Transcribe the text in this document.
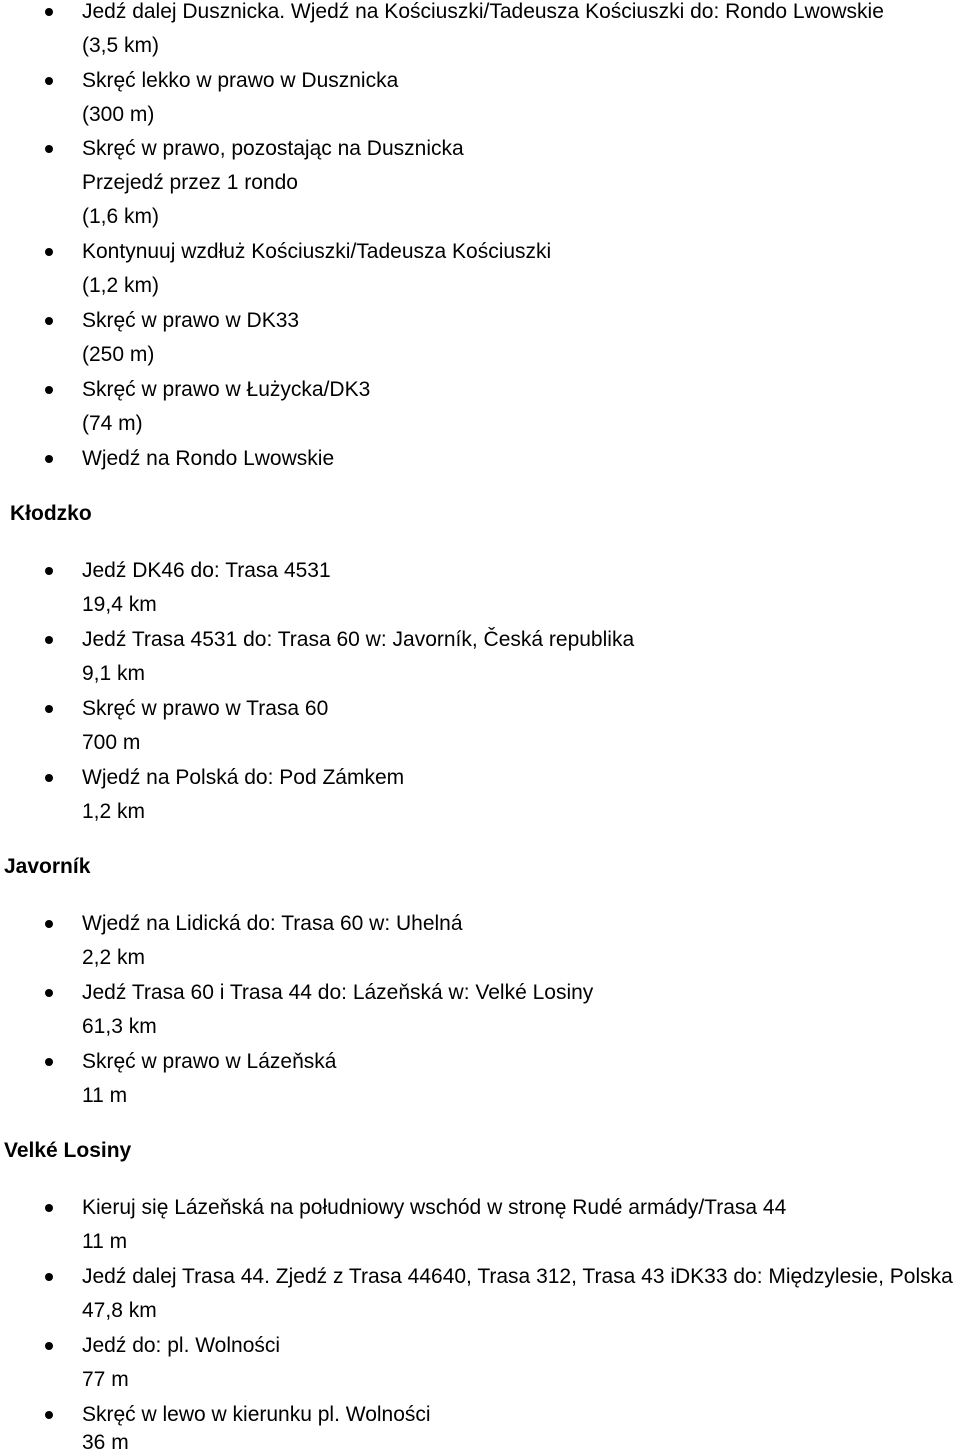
Jedź dalej Dusznicka. Wjedź na Kościuszki/Tadeusza Kościuszki do: Rondo Lwowskie
(3,5 km)
Skręć lekko w prawo w Dusznicka
(300 m)
Skręć w prawo, pozostając na Dusznicka
Przejedź przez 1 rondo
(1,6 km)
Kontynuuj wzdłuż Kościuszki/Tadeusza Kościuszki
(1,2 km)
Skręć w prawo w DK33
(250 m)
Skręć w prawo w Łużycka/DK3
(74 m)
Wjedź na Rondo Lwowskie
Kłodzko
Jedź DK46 do: Trasa 4531
19,4 km
Jedź Trasa 4531 do: Trasa 60 w: Javorník, Česká republika
9,1 km
Skręć w prawo w Trasa 60
700 m
Wjedź na Polská do: Pod Zámkem
1,2 km
Javorník
Wjedź na Lidická do: Trasa 60 w: Uhelná
2,2 km
Jedź Trasa 60 i Trasa 44 do: Lázeňská w: Velké Losiny
61,3 km
Skręć w prawo w Lázeňská
11 m
Velké Losiny
Kieruj się Lázeňská na południowy wschód w stronę Rudé armády/Trasa 44
11 m
Jedź dalej Trasa 44. Zjedź z Trasa 44640, Trasa 312, Trasa 43 iDK33 do: Międzylesie, Polska
47,8 km
Jedź do: pl. Wolności
77 m
Skręć w lewo w kierunku pl. Wolności
36 m
